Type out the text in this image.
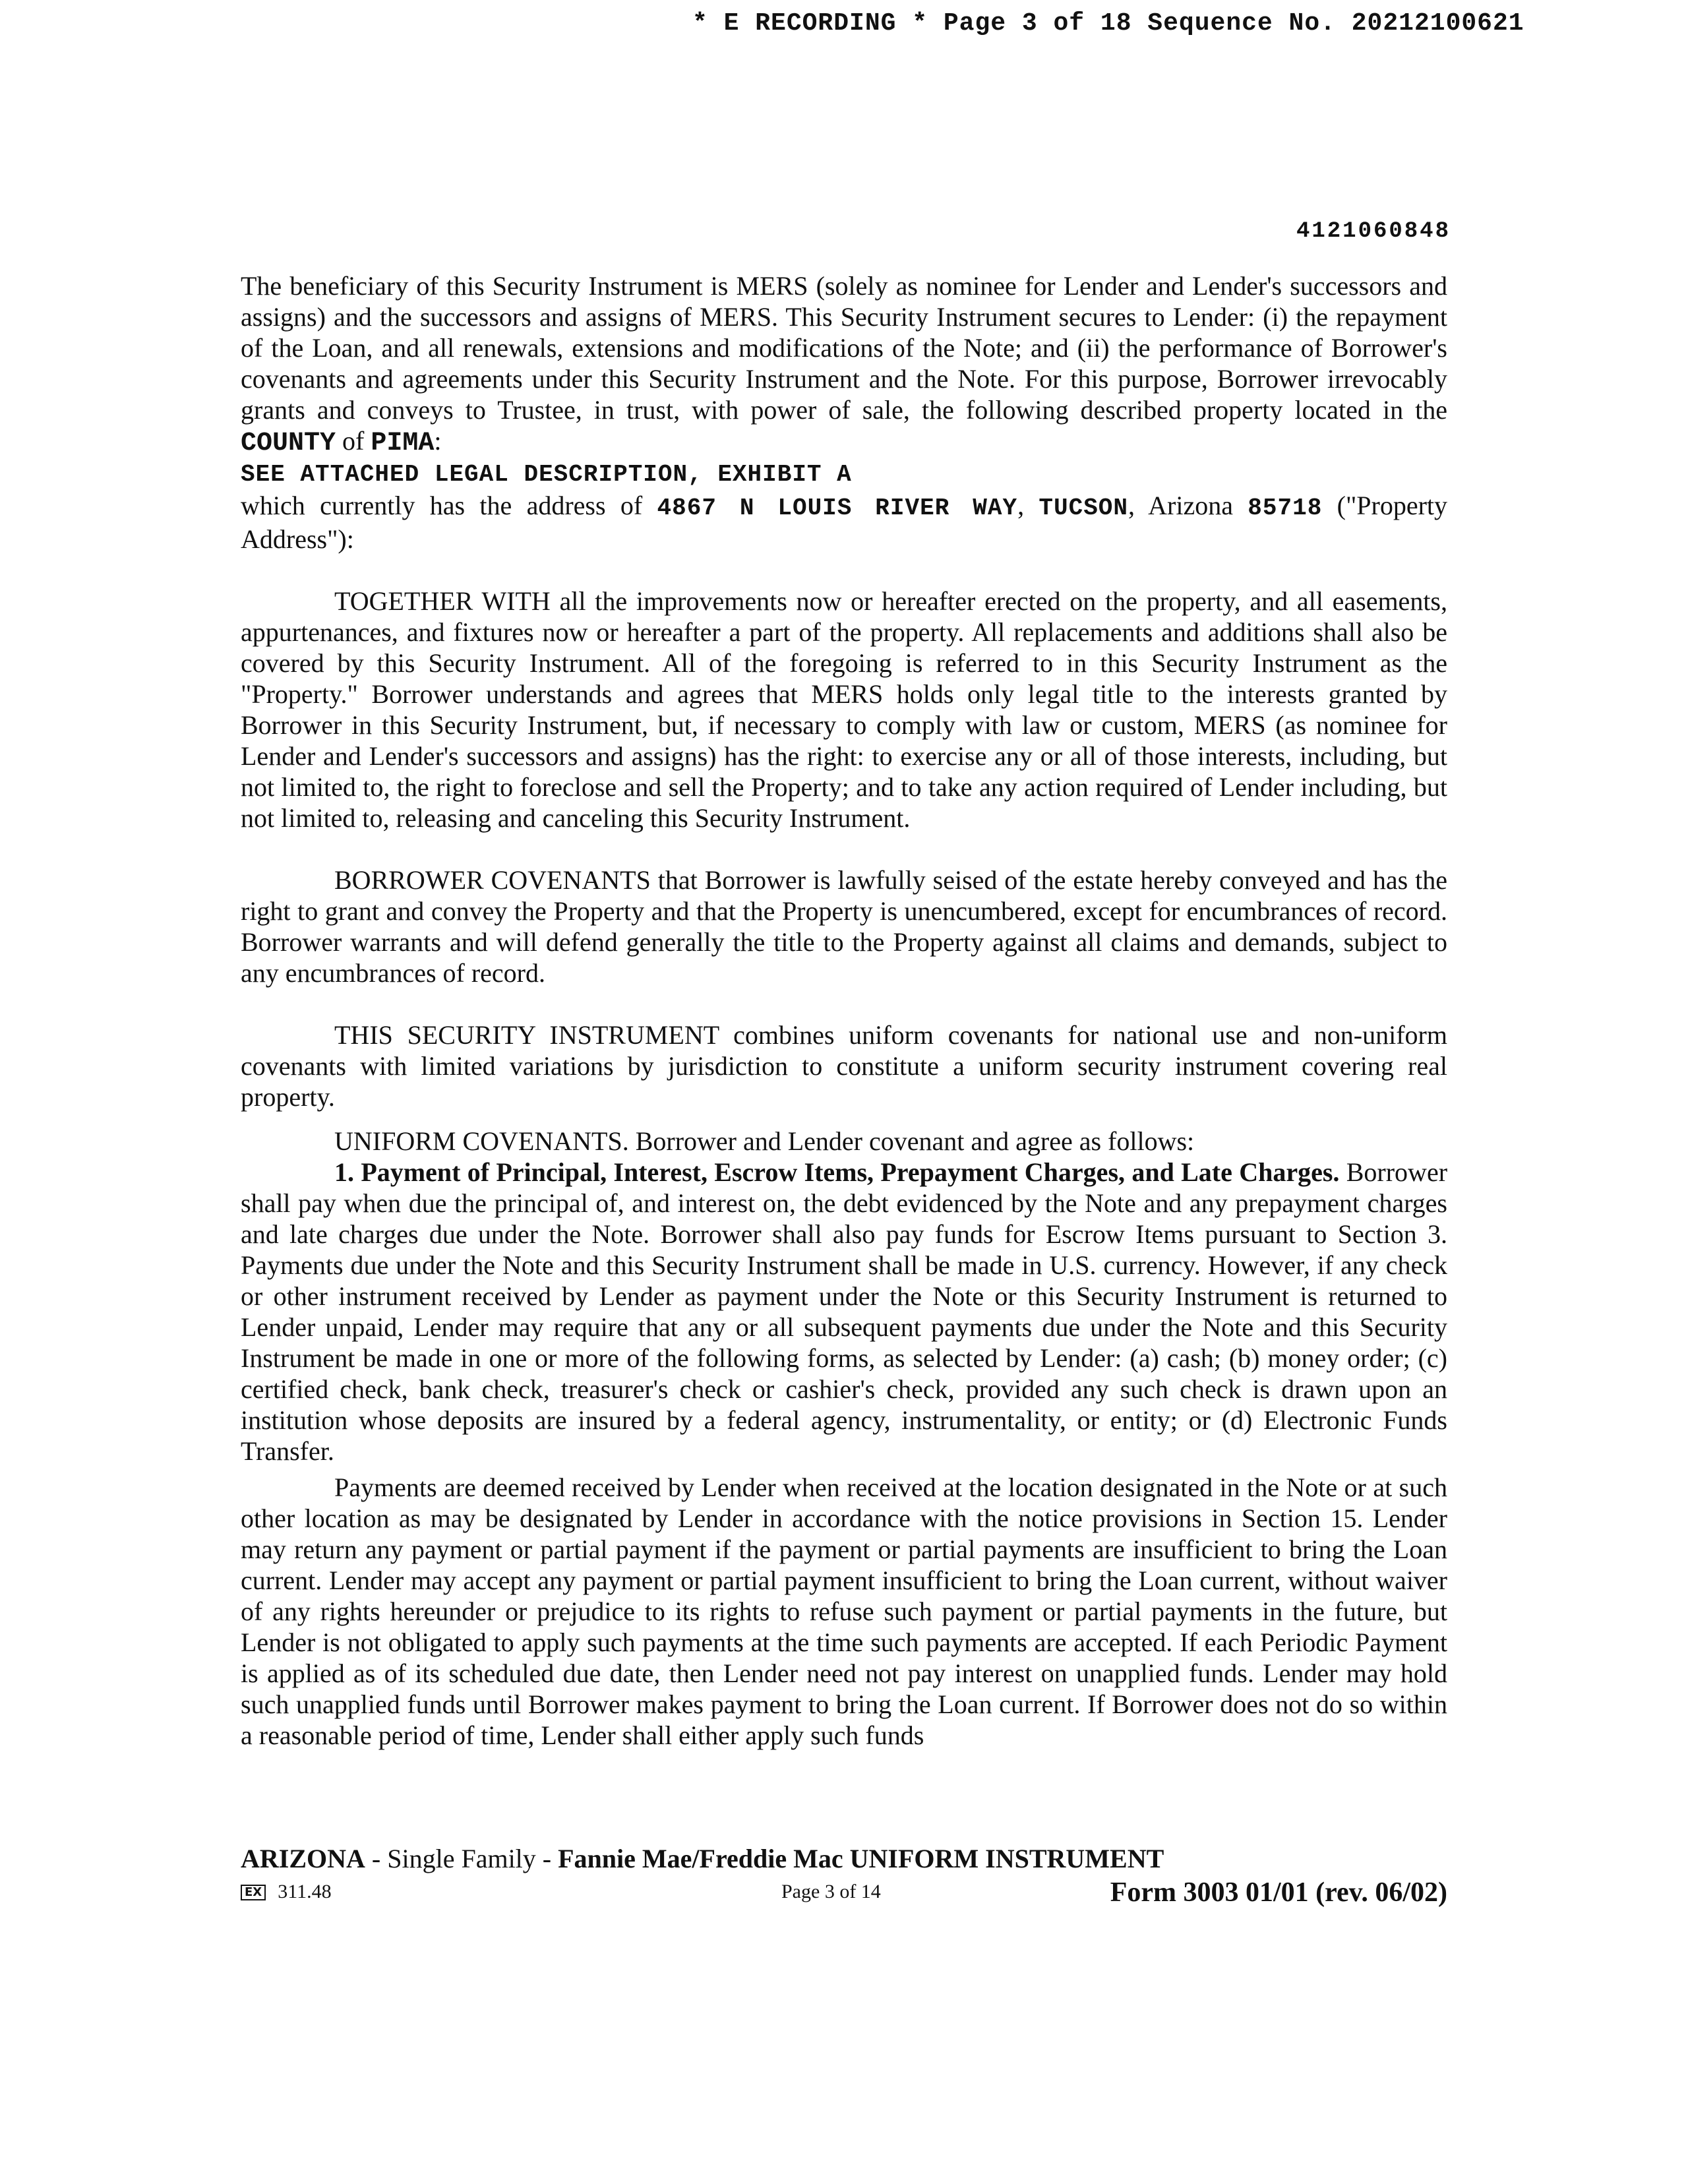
* E RECORDING * Page 3 of 18 Sequence No. 20212100621
4121060848

The beneficiary of this Security Instrument is MERS (solely as nominee for Lender and Lender's successors and assigns) and the successors and assigns of MERS. This Security Instrument secures to Lender: (i) the repayment of the Loan, and all renewals, extensions and modifications of the Note; and (ii) the performance of Borrower's covenants and agreements under this Security Instrument and the Note. For this purpose, Borrower irrevocably grants and conveys to Trustee, in trust, with power of sale, the following described property located in the COUNTY of PIMA:

SEE ATTACHED LEGAL DESCRIPTION, EXHIBIT A

which currently has the address of 4867 N LOUIS RIVER WAY, TUCSON, Arizona 85718 ("Property Address"):

TOGETHER WITH all the improvements now or hereafter erected on the property, and all easements, appurtenances, and fixtures now or hereafter a part of the property. All replacements and additions shall also be covered by this Security Instrument. All of the foregoing is referred to in this Security Instrument as the "Property." Borrower understands and agrees that MERS holds only legal title to the interests granted by Borrower in this Security Instrument, but, if necessary to comply with law or custom, MERS (as nominee for Lender and Lender's successors and assigns) has the right: to exercise any or all of those interests, including, but not limited to, the right to foreclose and sell the Property; and to take any action required of Lender including, but not limited to, releasing and canceling this Security Instrument.

BORROWER COVENANTS that Borrower is lawfully seised of the estate hereby conveyed and has the right to grant and convey the Property and that the Property is unencumbered, except for encumbrances of record. Borrower warrants and will defend generally the title to the Property against all claims and demands, subject to any encumbrances of record.

THIS SECURITY INSTRUMENT combines uniform covenants for national use and non-uniform covenants with limited variations by jurisdiction to constitute a uniform security instrument covering real property.

UNIFORM COVENANTS. Borrower and Lender covenant and agree as follows:

1. Payment of Principal, Interest, Escrow Items, Prepayment Charges, and Late Charges. Borrower shall pay when due the principal of, and interest on, the debt evidenced by the Note and any prepayment charges and late charges due under the Note. Borrower shall also pay funds for Escrow Items pursuant to Section 3. Payments due under the Note and this Security Instrument shall be made in U.S. currency. However, if any check or other instrument received by Lender as payment under the Note or this Security Instrument is returned to Lender unpaid, Lender may require that any or all subsequent payments due under the Note and this Security Instrument be made in one or more of the following forms, as selected by Lender: (a) cash; (b) money order; (c) certified check, bank check, treasurer's check or cashier's check, provided any such check is drawn upon an institution whose deposits are insured by a federal agency, instrumentality, or entity; or (d) Electronic Funds Transfer.

Payments are deemed received by Lender when received at the location designated in the Note or at such other location as may be designated by Lender in accordance with the notice provisions in Section 15. Lender may return any payment or partial payment if the payment or partial payments are insufficient to bring the Loan current. Lender may accept any payment or partial payment insufficient to bring the Loan current, without waiver of any rights hereunder or prejudice to its rights to refuse such payment or partial payments in the future, but Lender is not obligated to apply such payments at the time such payments are accepted. If each Periodic Payment is applied as of its scheduled due date, then Lender need not pay interest on unapplied funds. Lender may hold such unapplied funds until Borrower makes payment to bring the Loan current. If Borrower does not do so within a reasonable period of time, Lender shall either apply such funds

ARIZONA - Single Family - Fannie Mae/Freddie Mac UNIFORM INSTRUMENT
EX 311.48	Page 3 of 14	Form 3003 01/01 (rev. 06/02)
